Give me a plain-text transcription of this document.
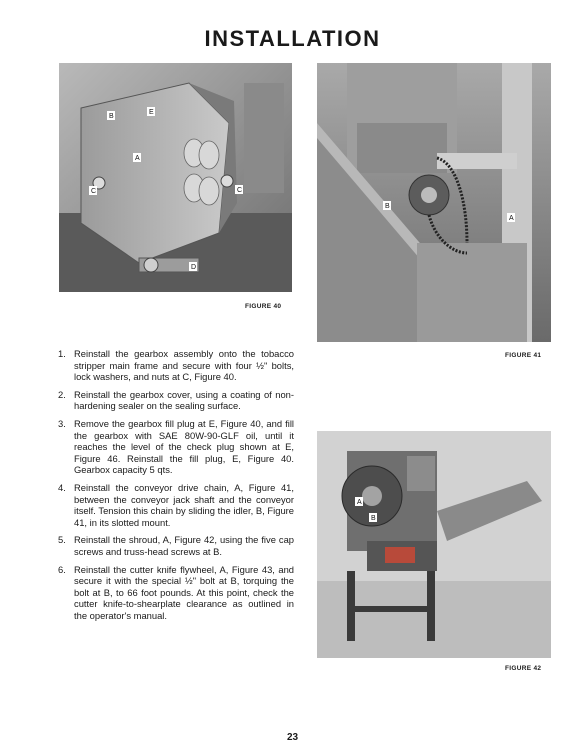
INSTALLATION
B
E
A
C	C
D
FIGURE 40
B
A
FIGURE 41
A
B
FIGURE 42
1. Reinstall the gearbox assembly onto the tobacco stripper main frame and secure with four ½" bolts, lock washers, and nuts at C, Figure 40.
2. Reinstall the gearbox cover, using a coating of non-hardening sealer on the sealing surface.
3. Remove the gearbox fill plug at E, Figure 40, and fill the gearbox with SAE 80W-90-GLF oil, until it reaches the level of the check plug shown at E, Figure 46. Reinstall the fill plug, E, Figure 40. Gearbox capacity 5 qts.
4. Reinstall the conveyor drive chain, A, Figure 41, between the conveyor jack shaft and the conveyor itself. Tension this chain by sliding the idler, B, Figure 41, in its slotted mount.
5. Reinstall the shroud, A, Figure 42, using the five cap screws and truss-head screws at B.
6. Reinstall the cutter knife flywheel, A, Figure 43, and secure it with the special ½" bolt at B, torquing the bolt at B, to 66 foot pounds. At this point, check the cutter knife-to-shearplate clearance as outlined in the operator's manual.
23
